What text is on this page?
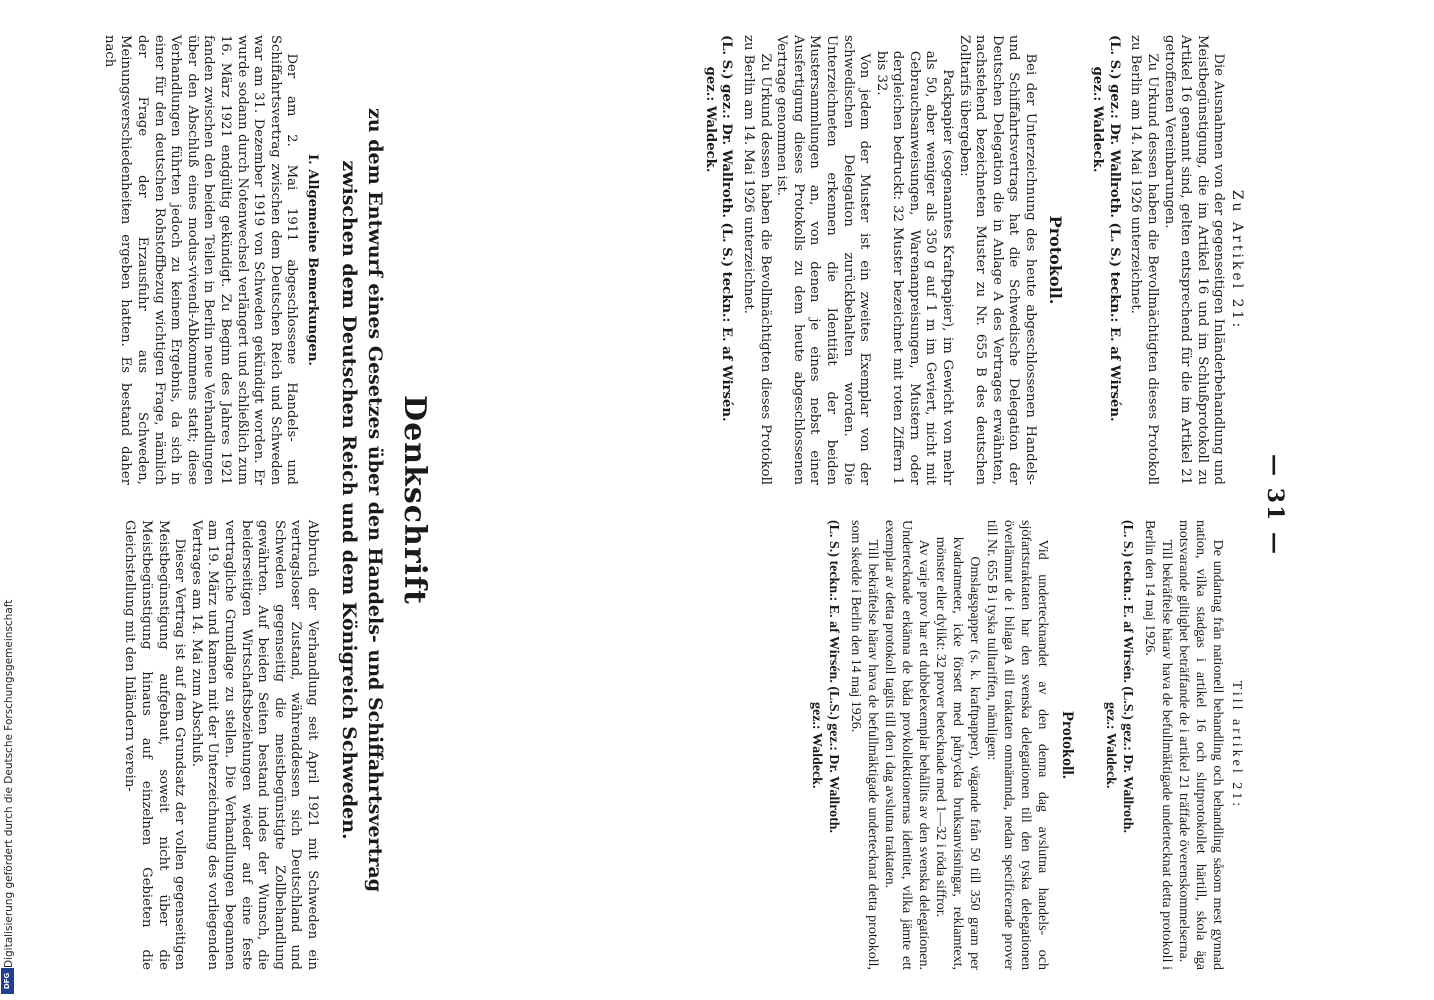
Digitalisierung gefördert durch die Deutsche Forschungsgemeinschaft
DFG
— 31 —

Zu Artikel 21:

Die Ausnahmen von der gegenseitigen Inländerbehandlung und Meistbegünstigung, die im Artikel 16 und im Schlußprotokoll zu Artikel 16 genannt sind, gelten entsprechend für die im Artikel 21 getroffenen Vereinbarungen.

Zu Urkund dessen haben die Bevollmächtigten dieses Protokoll zu Berlin am 14. Mai 1926 unterzeichnet.

(L. S.) gez.: Dr. Wallroth. (L. S.) teckn.: E. af Wirsén.
gez.: Waldeck.
Protokoll.

Bei der Unterzeichnung des heute abgeschlossenen Handels- und Schiffahrtsvertrags hat die Schwedische Delegation der Deutschen Delegation die in Anlage A des Vertrages erwähnten, nachstehend bezeichneten Muster zu Nr. 655 B des deutschen Zolltarifs übergeben:

Packpapier (sogenanntes Kraftpapier), im Gewicht von mehr als 50, aber weniger als 350 g auf 1 m im Geviert, nicht mit Gebrauchsanweisungen, Warenanpreisungen, Mustern oder dergleichen bedruckt: 32 Muster bezeichnet mit roten Ziffern 1 bis 32.

Von jedem der Muster ist ein zweites Exemplar von der schwedischen Delegation zurückbehalten worden. Die Unterzeichneten erkennen die Identität der beiden Mustersammlungen an, von denen je eines nebst einer Ausfertigung dieses Protokolls zu dem heute abgeschlossenen Vertrage genommen ist.

Zu Urkund dessen haben die Bevollmächtigten dieses Protokoll zu Berlin am 14. Mai 1926 unterzeichnet.

(L. S.) gez.: Dr. Wallroth. (L. S.) teckn.: E. af Wirsén.
gez.: Waldeck.

Till artikel 21:

De undantag från nationell behandling och behandling såsom mest gynnad nation, vilka stadgas i artikel 16 och slutprotokollet härtill, skola äga motsvarande giltighet beträffande de i artikel 21 träffade överenskommelserna.

Till bekräftelse härav hava de befullmäktigade undertecknat detta protokoll i Berlin den 14 maj 1926.

(L. S.) teckn.: E. af Wirsén. (L.S.) gez.: Dr. Wallroth.
gez.: Waldeck.
Protokoll.

Vid undertecknandet av den denna dag avslutna handels- och sjöfartstraktaten har den svenska delegationen till den tyska delegationen överlämnat de i bilaga A till traktaten omnämnda, nedan specificerade prover till Nr. 655 B i tyska tulltariffen, nämligen:

Omslagspapper (s. k. kraftpapper), vägande från 50 till 350 gram per kvadratmeter, icke försett med påtryckta bruksanvisningar, reklamtext, mönster eller dylikt: 32 prover betecknade med 1—32 i röda siffror.

Av varje prov har ett dubbelexemplar behållits av den svenska delegationen. Undertecknade erkänna de båda provkollektionernas identitet, vilka jämte ett exemplar av detta protokoll tagits till den i dag avslutna traktaten.

Till bekräftelse härav hava de befullmäktigade undertecknat detta protokoll, som skedde i Berlin den 14 maj 1926.

(L. S.) teckn.: E. af Wirsén. (L.S.) gez.: Dr. Wallroth.
gez.: Waldeck.
Denkschrift
zu dem Entwurf eines Gesetzes über den Handels- und Schiffahrtsvertrag
zwischen dem Deutschen Reich und dem Königreich Schweden.

I. Allgemeine Bemerkungen.

Der am 2. Mai 1911 abgeschlossene Handels- und Schiffahrtsvertrag zwischen dem Deutschen Reich und Schweden war am 31. Dezember 1919 von Schweden gekündigt worden. Er wurde sodann durch Notenwechsel verlängert und schließlich zum 16. März 1921 endgültig gekündigt. Zu Beginn des Jahres 1921 fanden zwischen den beiden Teilen in Berlin neue Verhandlungen über den Abschluß eines modus-vivendi-Abkommens statt; diese Verhandlungen führten jedoch zu keinem Ergebnis, da sich in einer für den deutschen Rohstoffbezug wichtigen Frage, nämlich der Frage der Erzausfuhr aus Schweden, Meinungsverschiedenheiten ergeben hatten. Es bestand daher nach

Abbruch der Verhandlung seit April 1921 mit Schweden ein vertragsloser Zustand, währenddessen sich Deutschland und Schweden gegenseitig die meistbegünstigte Zollbehandlung gewährten. Auf beiden Seiten bestand indes der Wunsch, die beiderseitigen Wirtschaftsbeziehungen wieder auf eine feste vertragliche Grundlage zu stellen. Die Verhandlungen begannen am 19. März und kamen mit der Unterzeichnung des vorliegenden Vertrages am 14. Mai zum Abschluß.

Dieser Vertrag ist auf dem Grundsatz der vollen gegenseitigen Meistbegünstigung aufgebaut, soweit nicht über die Meistbegünstigung hinaus auf einzelnen Gebieten die Gleichstellung mit den Inländern verein-
